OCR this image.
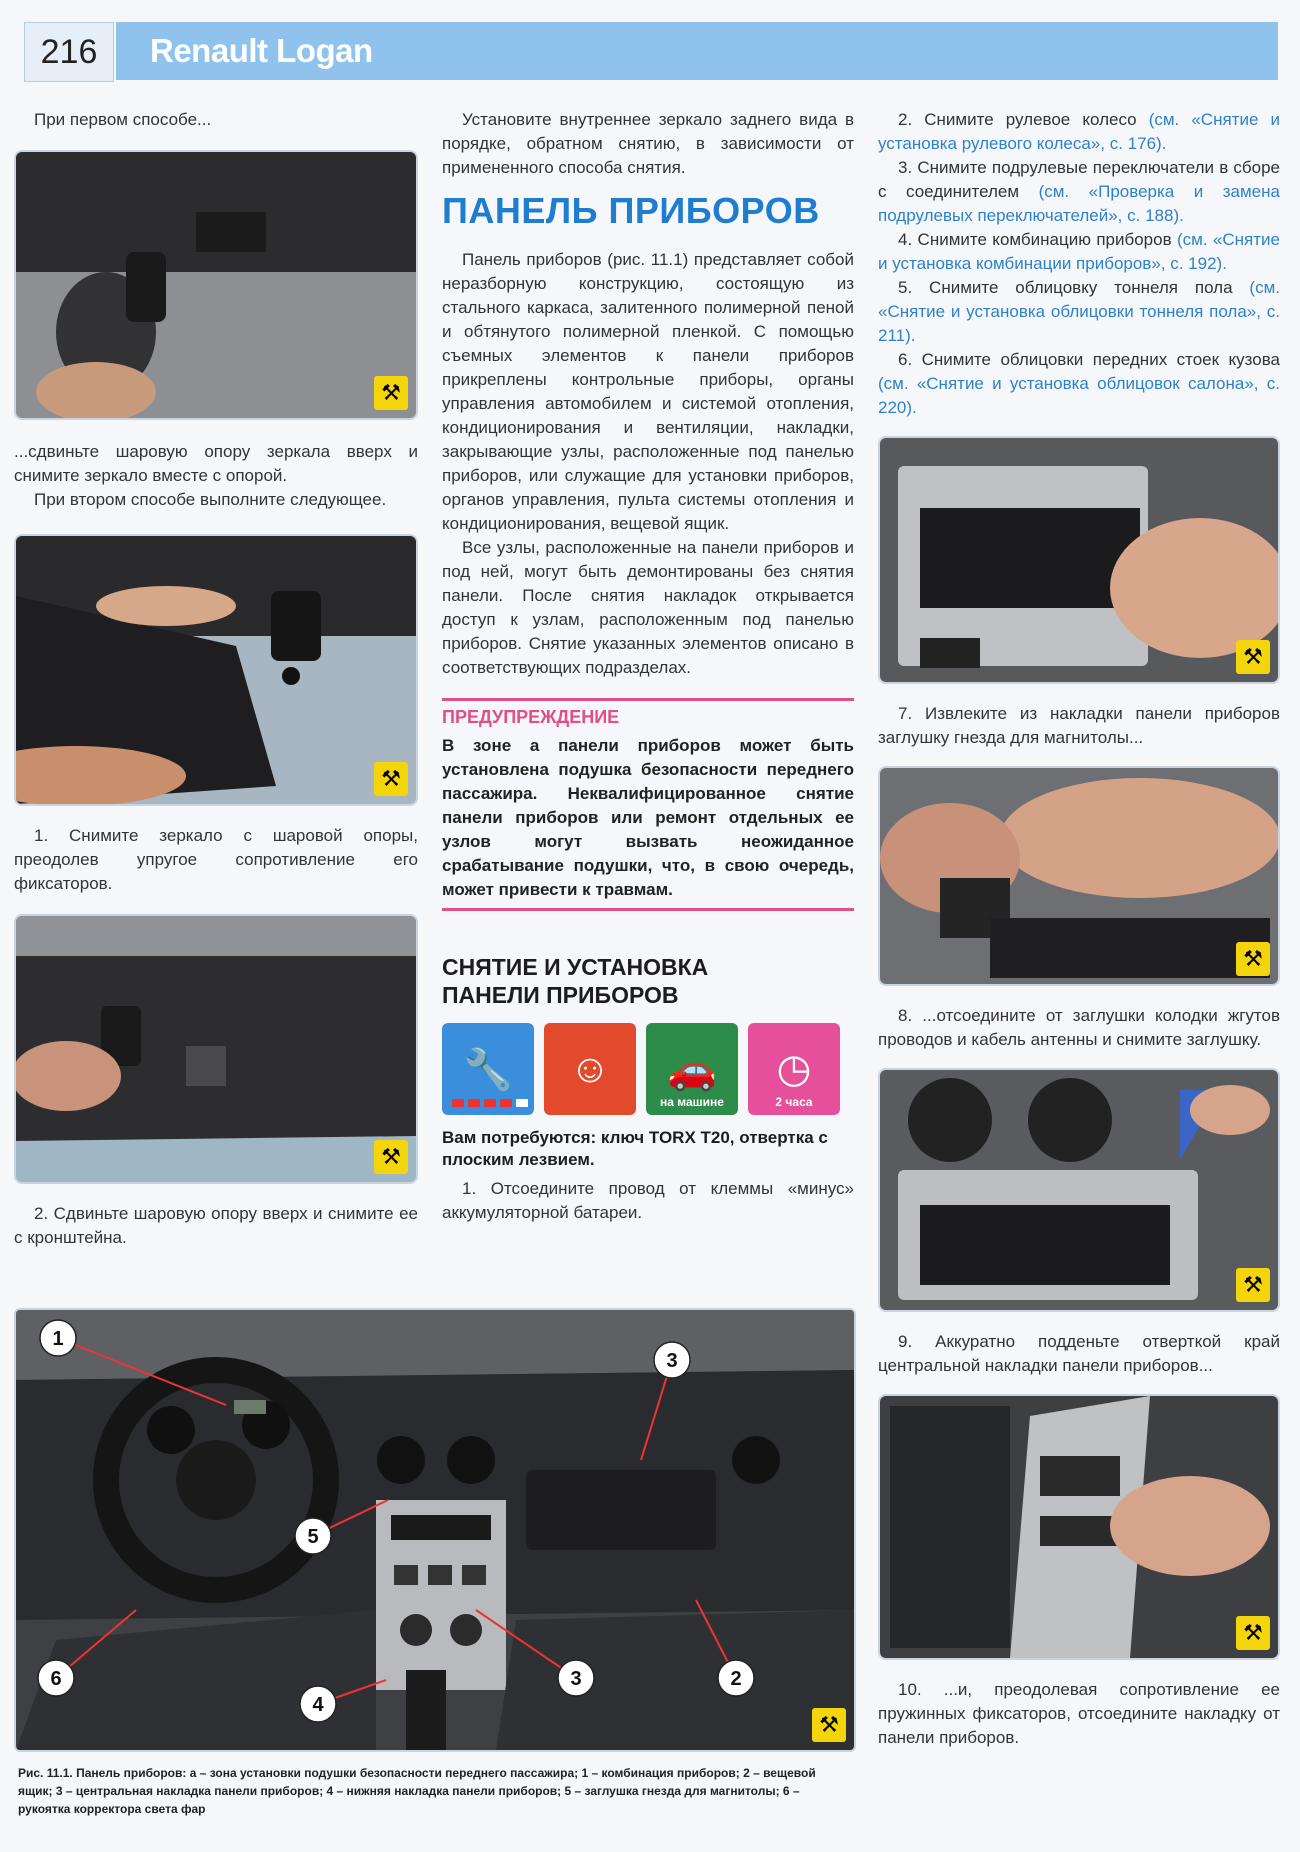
216	Renault Logan

При первом способе...

⚒

...сдвиньте шаровую опору зеркала вверх и снимите зеркало вместе с опорой.

При втором способе выполните следующее.

⚒

1. Снимите зеркало с шаровой опоры, преодолев упругое сопротивление его фиксаторов.

⚒

2. Сдвиньте шаровую опору вверх и снимите ее с кронштейна.

Установите внутреннее зеркало заднего вида в порядке, обратном снятию, в зависимости от примененного способа снятия.

ПАНЕЛЬ ПРИБОРОВ

Панель приборов (рис. 11.1) представляет собой неразборную конструкцию, состоящую из стального каркаса, залитенного полимерной пеной и обтянутого полимерной пленкой. С помощью съемных элементов к панели приборов прикреплены контрольные приборы, органы управления автомобилем и системой отопления, кондиционирования и вентиляции, накладки, закрывающие узлы, расположенные под панелью приборов, или служащие для установки приборов, органов управления, пульта системы отопления и кондиционирования, вещевой ящик.

Все узлы, расположенные на панели приборов и под ней, могут быть демонтированы без снятия панели. После снятия накладок открывается доступ к узлам, расположенным под панелью приборов. Снятие указанных элементов описано в соответствующих подразделах.

ПРЕДУПРЕЖДЕНИЕ
В зоне а панели приборов может быть установлена подушка безопасности переднего пассажира. Неквалифицированное снятие панели приборов или ремонт отдельных ее узлов могут вызвать неожиданное срабатывание подушки, что, в свою очередь, может привести к травмам.
СНЯТИЕ И УСТАНОВКА
ПАНЕЛИ ПРИБОРОВ
🔧	☺	🚗
на машине
◷
2 часа
Вам потребуются: ключ TORX T20, отвертка с плоским лезвием.

1. Отсоедините провод от клеммы «минус» аккумуляторной батареи.

2. Снимите рулевое колесо (см. «Снятие и установка рулевого колеса», с. 176).

3. Снимите подрулевые переключатели в сборе с соединителем (см. «Проверка и замена подрулевых переключателей», с. 188).

4. Снимите комбинацию приборов (см. «Снятие и установка комбинации приборов», с. 192).

5. Снимите облицовку тоннеля пола (см. «Снятие и установка облицовки тоннеля пола», с. 211).

6. Снимите облицовки передних стоек кузова (см. «Снятие и установка облицовок салона», с. 220).

⚒

7. Извлеките из накладки панели приборов заглушку гнезда для магнитолы...

⚒

8. ...отсоедините от заглушки колодки жгутов проводов и кабель антенны и снимите заглушку.

⚒

9. Аккуратно подденьте отверткой край центральной накладки панели приборов...

⚒

10. ...и, преодолевая сопротивление ее пружинных фиксаторов, отсоедините накладку от панели приборов.

1
2
3
3
4
5
6
⚒
Рис. 11.1. Панель приборов: а – зона установки подушки безопасности переднего пассажира; 1 – комбинация приборов; 2 – вещевой ящик; 3 – центральная накладка панели приборов; 4 – нижняя накладка панели приборов; 5 – заглушка гнезда для магнитолы; 6 – рукоятка корректора света фар
